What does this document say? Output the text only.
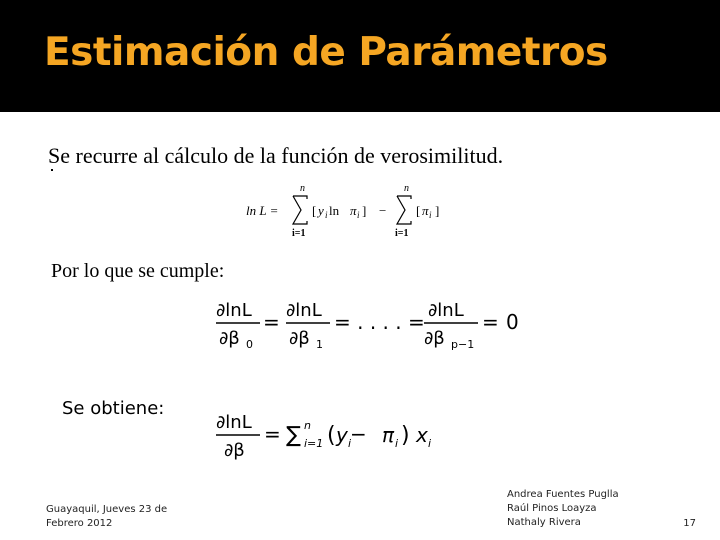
Estimación de Parámetros
Se recurre al cálculo de la función de verosimilitud.
ln L =
n
i=1
[ y i ln π i ] −
n
i=1
[ π i ]
Por lo que se cumple:
∂lnL
∂β 0
= ∂lnL
∂β 1
= . . . . = ∂lnL
∂β p−1
= 0
Se obtiene:
∂lnL
∂β
= ∑ n
i=1 ( y i
− π i ) x i
Guayaquil, Jueves 23 de
Febrero 2012
Andrea Fuentes Puglla
Raúl Pinos Loayza
Nathaly Rivera	17
